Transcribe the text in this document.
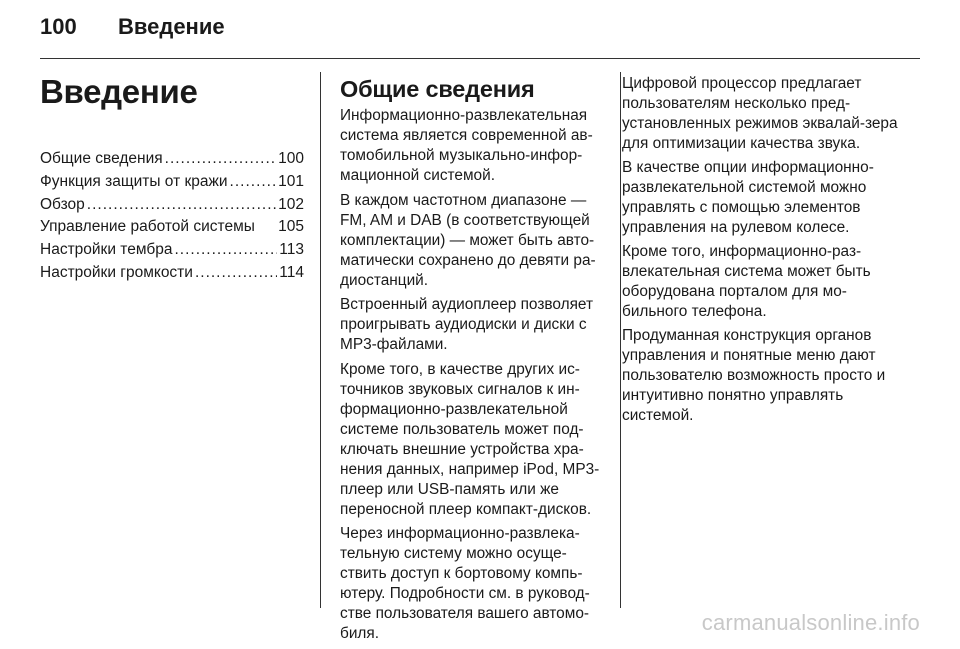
100	Введение
Введение
Общие сведения .....	100
Функция защиты от кражи .....	101
Обзор .....	102
Управление работой системы 105
Настройки тембра .....	113
Настройки громкости .....	114
Общие сведения

Информационно-развлекательная система является современной ав-томобильной музыкально-инфор-мационной системой.

В каждом частотном диапазоне — FM, AM и DAB (в соответствующей комплектации) — может быть авто-матически сохранено до девяти ра-диостанций.

Встроенный аудиоплеер позволяет проигрывать аудиодиски и диски с MP3-файлами.

Кроме того, в качестве других ис-точников звуковых сигналов к ин-формационно-развлекательной системе пользователь может под-ключать внешние устройства хра-нения данных, например iPod, MP3-плеер или USB-память или же переносной плеер компакт-дисков.

Через информационно-развлека-тельную систему можно осуще-ствить доступ к бортовому компь-ютеру. Подробности см. в руковод-стве пользователя вашего автомо-биля.

Цифровой процессор предлагает пользователям несколько пред-установленных режимов эквалай-зера для оптимизации качества звука.

В качестве опции информационно-развлекательной системой можно управлять с помощью элементов управления на рулевом колесе.

Кроме того, информационно-раз-влекательная система может быть оборудована порталом для мо-бильного телефона.

Продуманная конструкция органов управления и понятные меню дают пользователю возможность просто и интуитивно понятно управлять системой.

carmanualsonline.info
